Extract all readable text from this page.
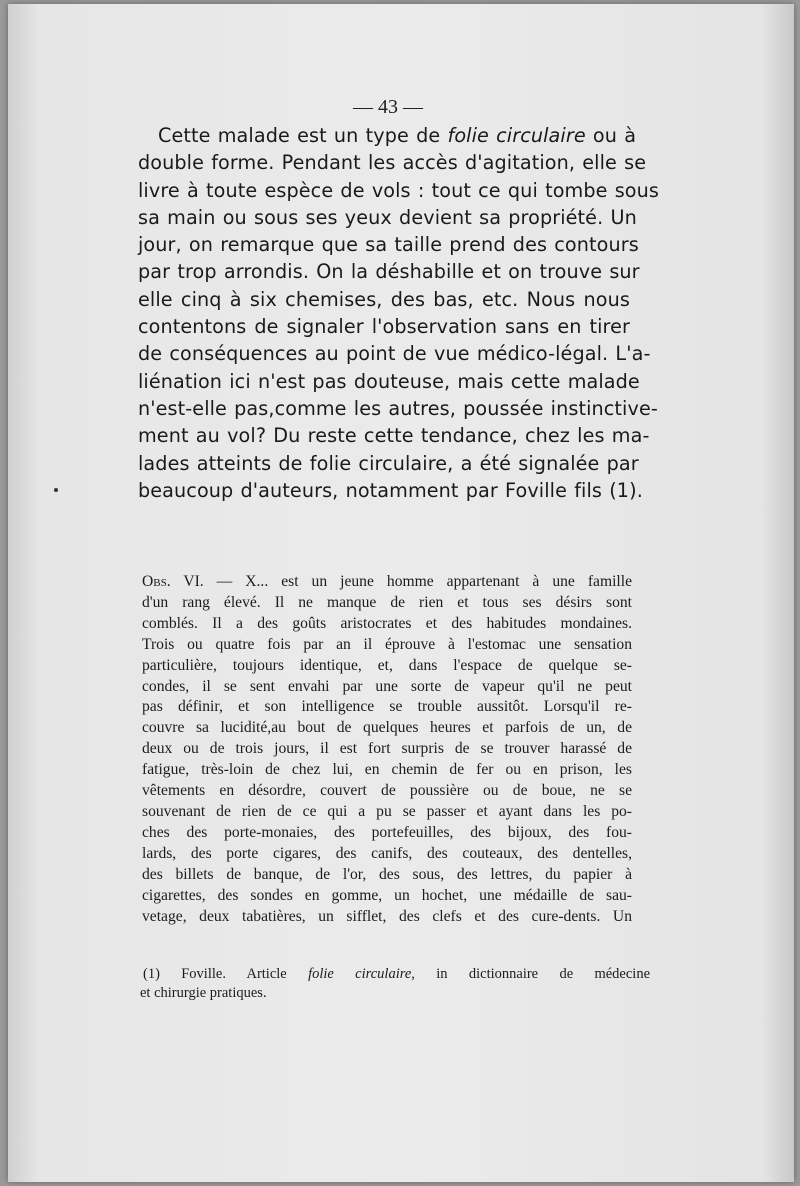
— 43 —
Cette malade est un type de folie circulaire ou à
double forme. Pendant les accès d'agitation, elle se
livre à toute espèce de vols : tout ce qui tombe sous
sa main ou sous ses yeux devient sa propriété. Un
jour, on remarque que sa taille prend des contours
par trop arrondis. On la déshabille et on trouve sur
elle cinq à six chemises, des bas, etc. Nous nous
contentons de signaler l'observation sans en tirer
de conséquences au point de vue médico-légal. L'a-
liénation ici n'est pas douteuse, mais cette malade
n'est-elle pas,comme les autres, poussée instinctive-
ment au vol? Du reste cette tendance, chez les ma-
lades atteints de folie circulaire, a été signalée par
beaucoup d'auteurs, notamment par Foville fils (1).
Obs. VI. — X... est un jeune homme appartenant à une famille
d'un rang élevé. Il ne manque de rien et tous ses désirs sont
comblés. Il a des goûts aristocrates et des habitudes mondaines.
Trois ou quatre fois par an il éprouve à l'estomac une sensation
particulière, toujours identique, et, dans l'espace de quelque se-
condes, il se sent envahi par une sorte de vapeur qu'il ne peut
pas définir, et son intelligence se trouble aussitôt. Lorsqu'il re-
couvre sa lucidité,au bout de quelques heures et parfois de un, de
deux ou de trois jours, il est fort surpris de se trouver harassé de
fatigue, très-loin de chez lui, en chemin de fer ou en prison, les
vêtements en désordre, couvert de poussière ou de boue, ne se
souvenant de rien de ce qui a pu se passer et ayant dans les po-
ches des porte-monaies, des portefeuilles, des bijoux, des fou-
lards, des porte cigares, des canifs, des couteaux, des dentelles,
des billets de banque, de l'or, des sous, des lettres, du papier à
cigarettes, des sondes en gomme, un hochet, une médaille de sau-
vetage, deux tabatières, un sifflet, des clefs et des cure-dents. Un
(1) Foville. Article folie circulaire, in dictionnaire de médecine
et chirurgie pratiques.
